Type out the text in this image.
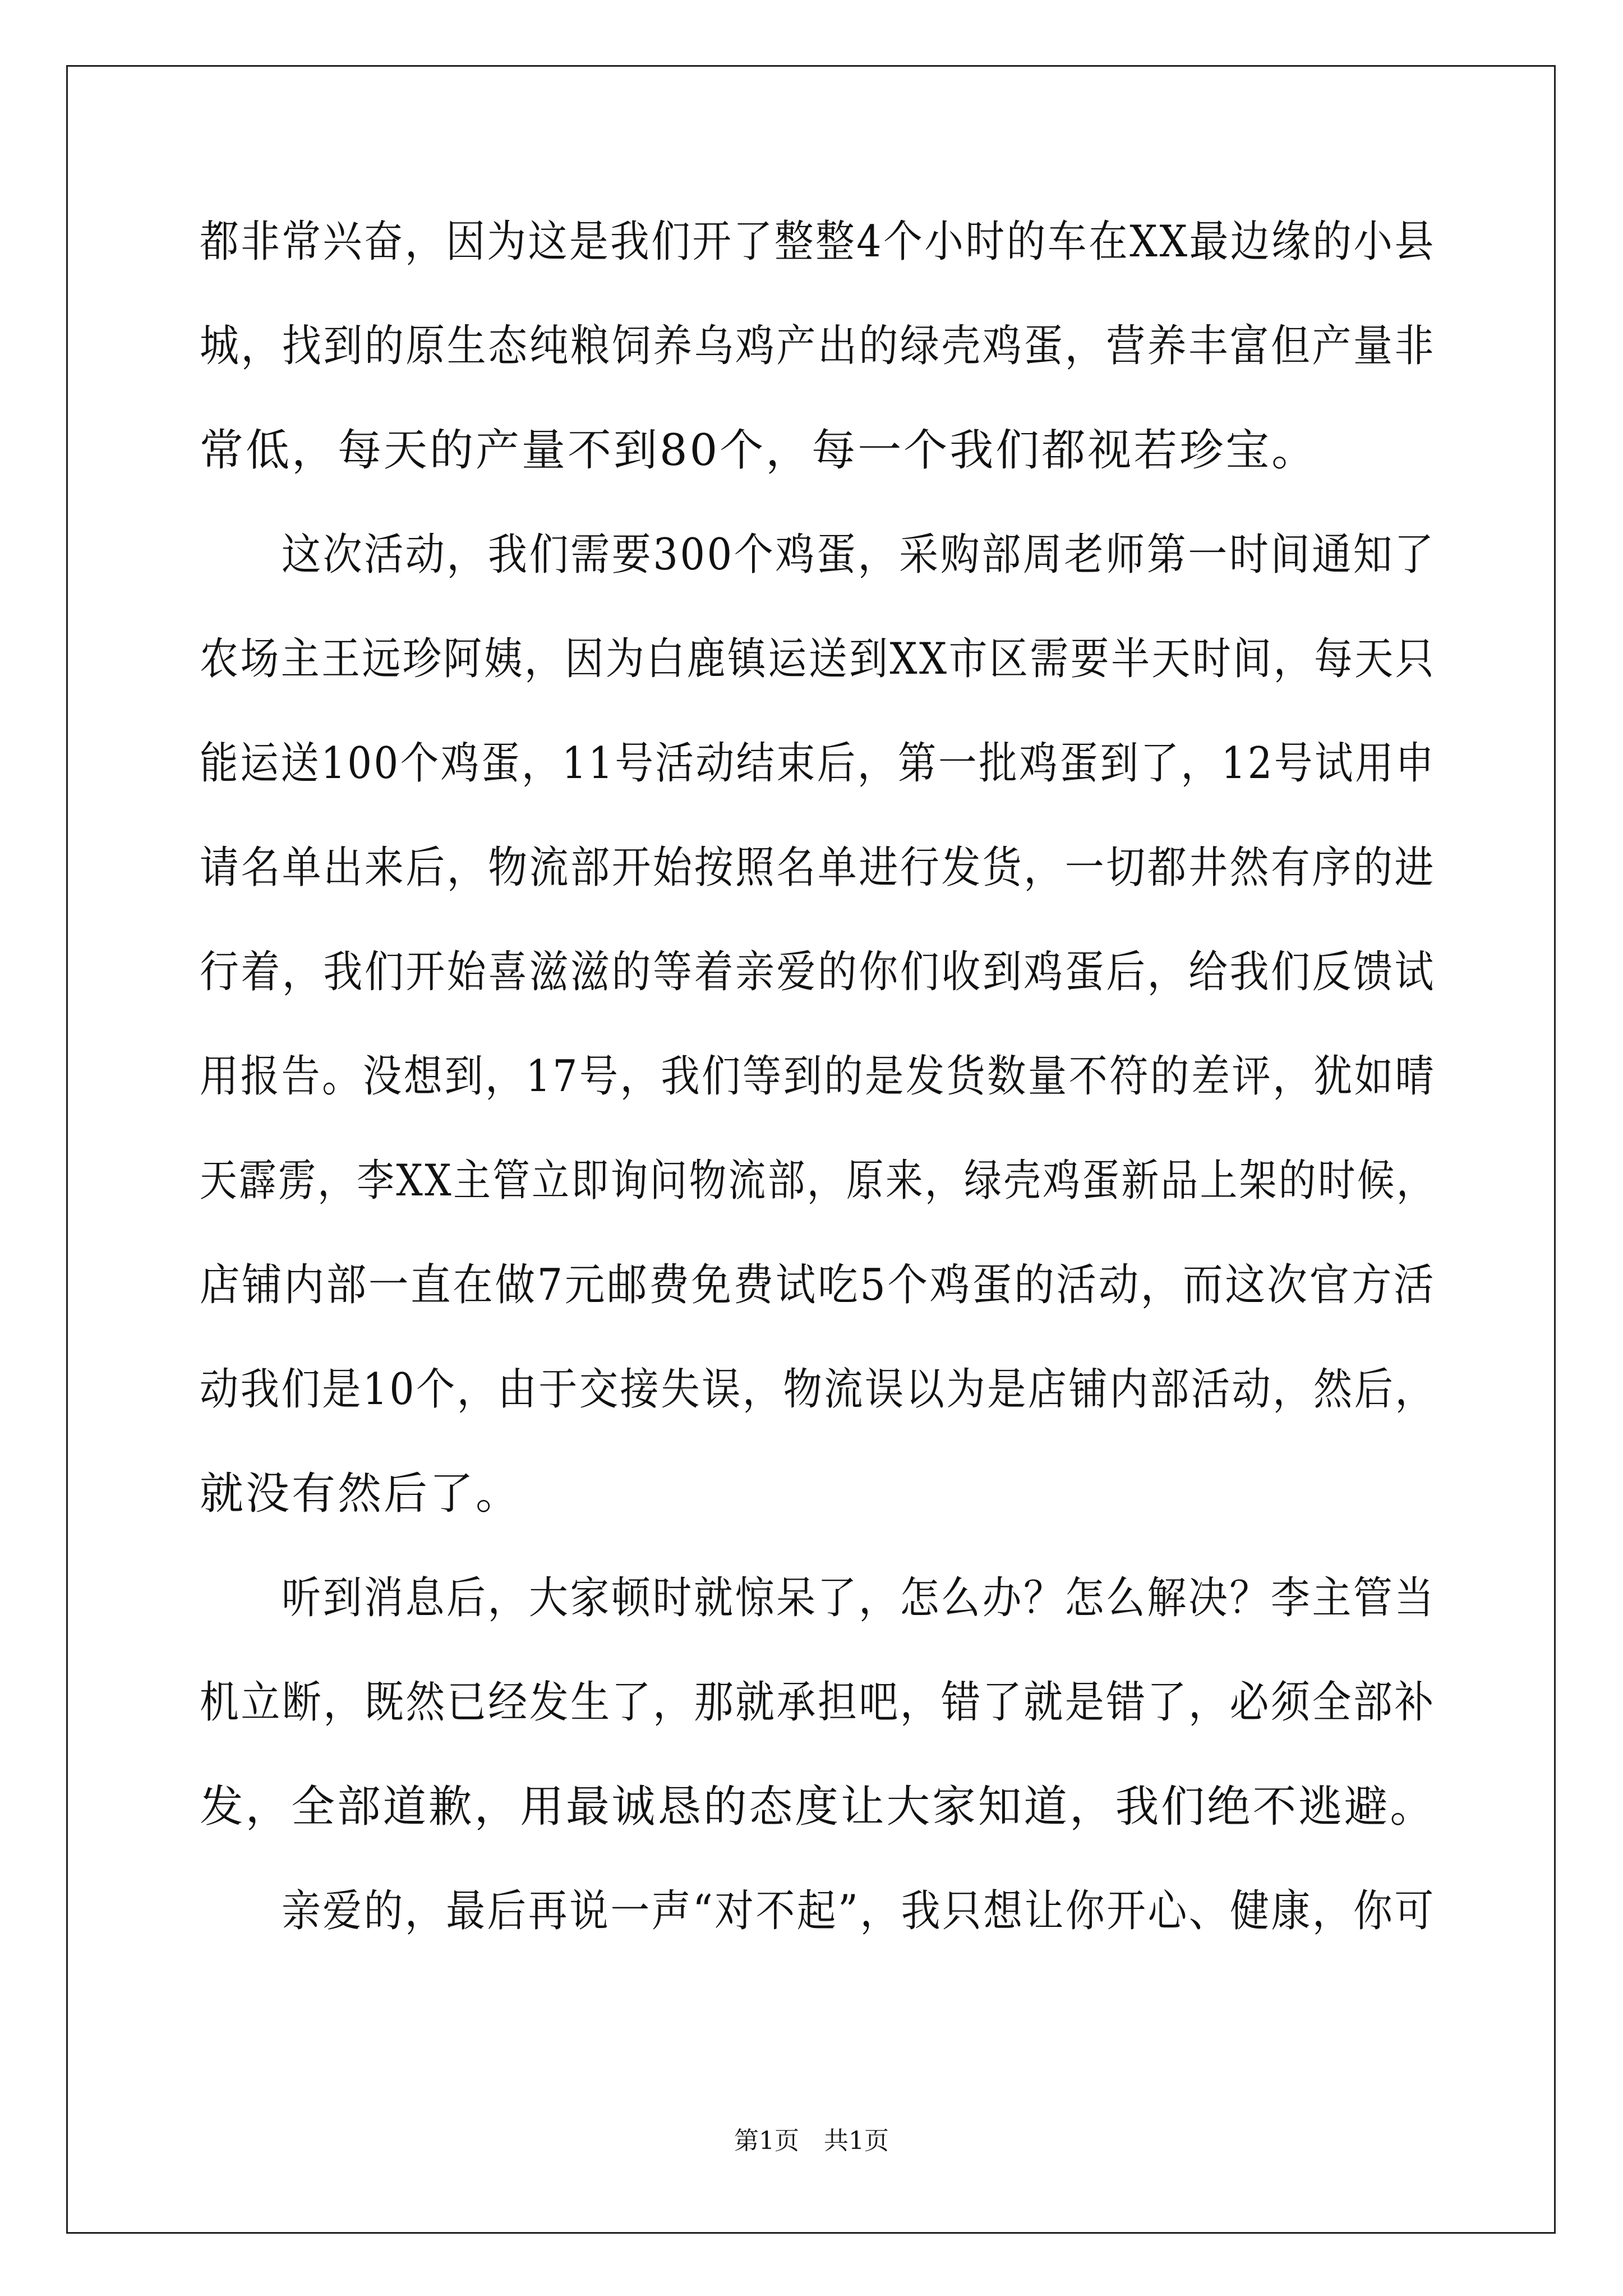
都非常兴奋，因为这是我们开了整整4个小时的车在XX最边缘的小县
城，找到的原生态纯粮饲养乌鸡产出的绿壳鸡蛋，营养丰富但产量非
常低，每天的产量不到80个，每一个我们都视若珍宝。
这次活动，我们需要300个鸡蛋，采购部周老师第一时间通知了
农场主王远珍阿姨，因为白鹿镇运送到XX市区需要半天时间，每天只
能运送100个鸡蛋，11号活动结束后，第一批鸡蛋到了，12号试用申
请名单出来后，物流部开始按照名单进行发货，一切都井然有序的进
行着，我们开始喜滋滋的等着亲爱的你们收到鸡蛋后，给我们反馈试
用报告。没想到，17号，我们等到的是发货数量不符的差评，犹如晴
天霹雳，李XX主管立即询问物流部，原来，绿壳鸡蛋新品上架的时候，
店铺内部一直在做7元邮费免费试吃5个鸡蛋的活动，而这次官方活
动我们是10个，由于交接失误，物流误以为是店铺内部活动，然后，
就没有然后了。
听到消息后，大家顿时就惊呆了，怎么办？怎么解决？李主管当
机立断，既然已经发生了，那就承担吧，错了就是错了，必须全部补
发，全部道歉，用最诚恳的态度让大家知道，我们绝不逃避。
亲爱的，最后再说一声“对不起”，我只想让你开心、健康，你可
第1页　共1页
